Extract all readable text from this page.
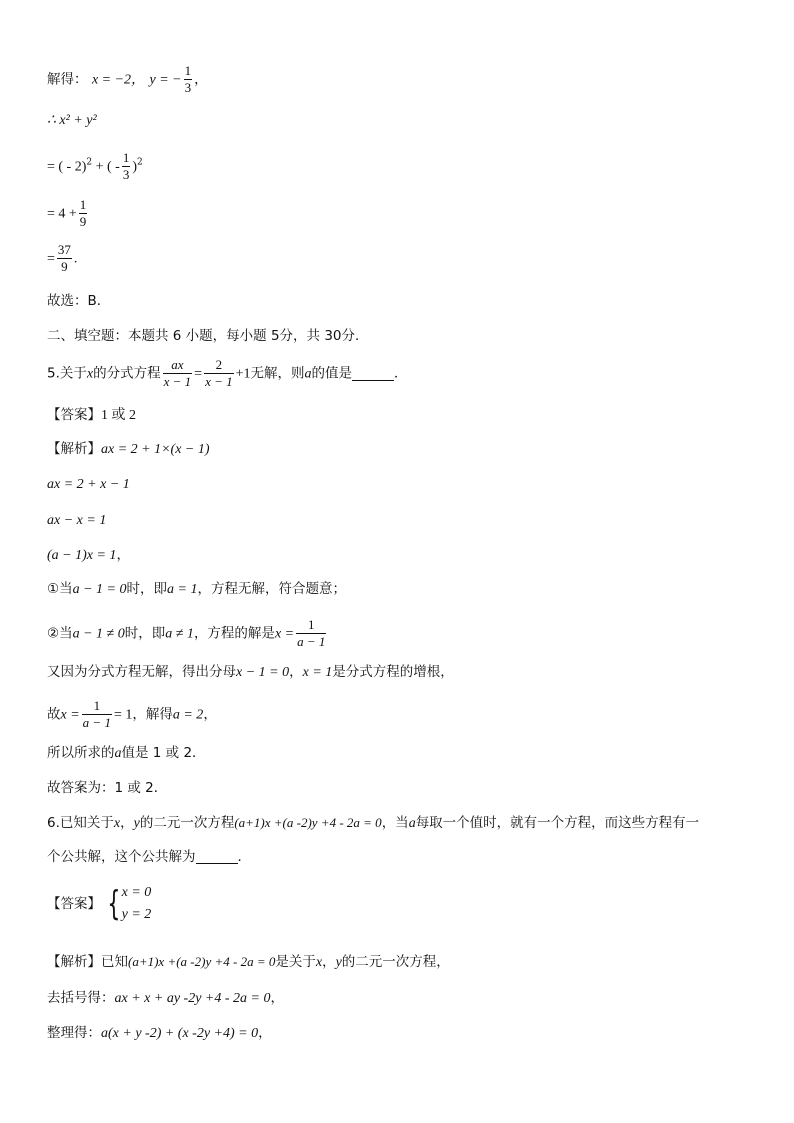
解得： x = −2， y = − $\frac{1}{3}$ ，
∴ x² + y²
= ( - 2)$^2$ + ( - $\frac{1}{3} )^2$
= $4 + \frac{1}{9}$
= $\frac{37}{9}$ .
故选：B．
二、填空题：本题共 6 小题，每小题 5分，共 30分．
5.关于x的分式方程 $\frac{ax}{x - 1} = \frac{2}{x - 1} +1$无解，则a的值是	．
【答案】1 或 2
【解析】ax = 2 + 1×(x − 1)
ax = 2 + x − 1
ax − x = 1
(a − 1)x = 1，
①当a − 1 = 0时，即a = 1，方程无解，符合题意；
②当a − 1 ≠ 0时，即a ≠ 1，方程的解是$x = \frac{1}{a - 1}$
又因为分式方程无解，得出分母x − 1 = 0，x = 1是分式方程的增根，
故$x = \frac{1}{a - 1} = 1$，解得a = 2，
所以所求的a值是 1 或 2．
故答案为：1 或 2．
6.已知关于x，y的二元一次方程(a+1)x +(a -2)y +4 - 2a = 0，当a每取一个值时，就有一个方程，而这些方程有一
个公共解，这个公共解为	．
【答案】 { x = 0
y = 2
【解析】已知(a+1)x +(a -2)y +4 - 2a = 0是关于x，y的二元一次方程，
去括号得：ax + x + ay -2y +4 - 2a = 0，
整理得：a(x + y -2) + (x -2y +4) = 0，
